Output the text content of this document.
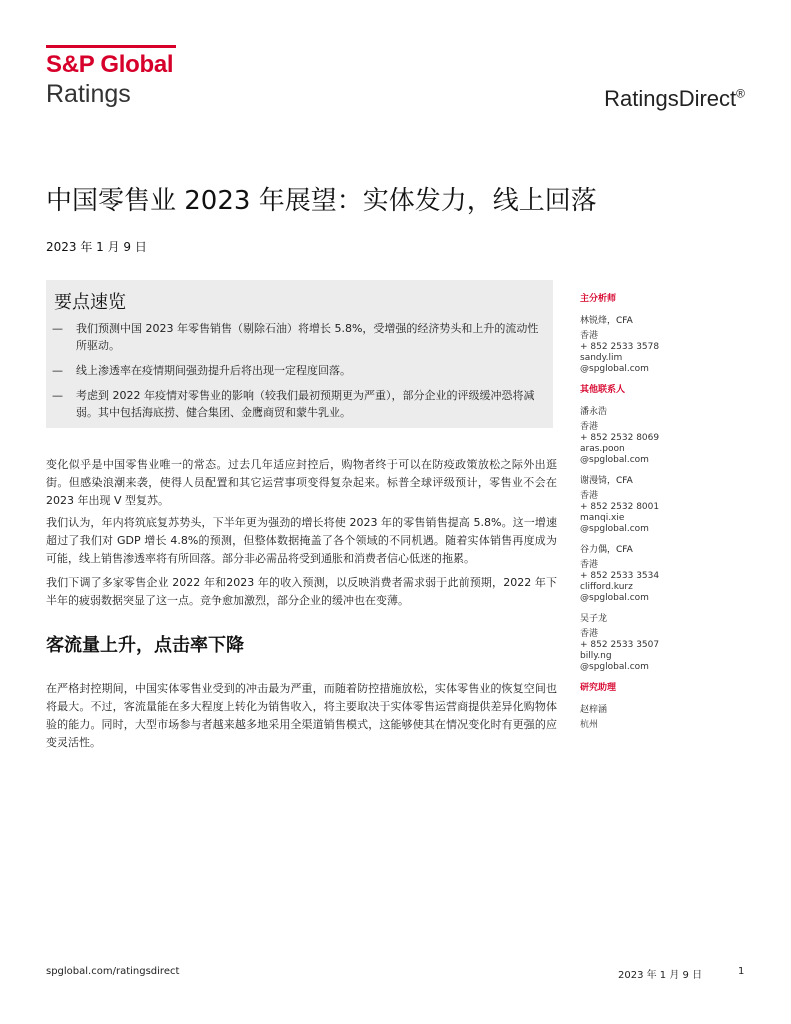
S&P Global
Ratings	RatingsDirect®
中国零售业 2023 年展望：实体发力，线上回落
2023 年 1 月 9 日
要点速览
— 我们预测中国 2023 年零售销售（剔除石油）将增长 5.8%，受增强的经济势头和上升的流动性所驱动。
— 线上渗透率在疫情期间强劲提升后将出现一定程度回落。
— 考虑到 2022 年疫情对零售业的影响（较我们最初预期更为严重），部分企业的评级缓冲恐将减弱。其中包括海底捞、健合集团、金鹰商贸和蒙牛乳业。
变化似乎是中国零售业唯一的常态。过去几年适应封控后，购物者终于可以在防疫政策放松之际外出逛街。但感染浪潮来袭，使得人员配置和其它运营事项变得复杂起来。标普全球评级预计，零售业不会在 2023 年出现 V 型复苏。
我们认为，年内将筑底复苏势头，下半年更为强劲的增长将使 2023 年的零售销售提高 5.8%。这一增速超过了我们对 GDP 增长 4.8%的预测，但整体数据掩盖了各个领域的不同机遇。随着实体销售再度成为可能，线上销售渗透率将有所回落。部分非必需品将受到通胀和消费者信心低迷的拖累。
我们下调了多家零售企业 2022 年和2023 年的收入预测，以反映消费者需求弱于此前预期，2022 年下半年的疲弱数据突显了这一点。竞争愈加激烈，部分企业的缓冲也在变薄。
客流量上升，点击率下降
在严格封控期间，中国实体零售业受到的冲击最为严重，而随着防控措施放松，实体零售业的恢复空间也将最大。不过，客流量能在多大程度上转化为销售收入，将主要取决于实体零售运营商提供差异化购物体验的能力。同时，大型市场参与者越来越多地采用全渠道销售模式，这能够使其在情况变化时有更强的应变灵活性。
主分析师
林锐烽，CFA
香港
+ 852 2533 3578
sandy.lim
@spglobal.com
其他联系人
潘永浩
香港
+ 852 2532 8069
aras.poon
@spglobal.com
谢漫锜，CFA
香港
+ 852 2532 8001
manqi.xie
@spglobal.com
谷力偶，CFA
香港
+ 852 2533 3534
clifford.kurz
@spglobal.com
吴子龙
香港
+ 852 2533 3507
billy.ng
@spglobal.com
研究助理
赵梓涵
杭州
spglobal.com/ratingsdirect	2023 年 1 月 9 日	1
